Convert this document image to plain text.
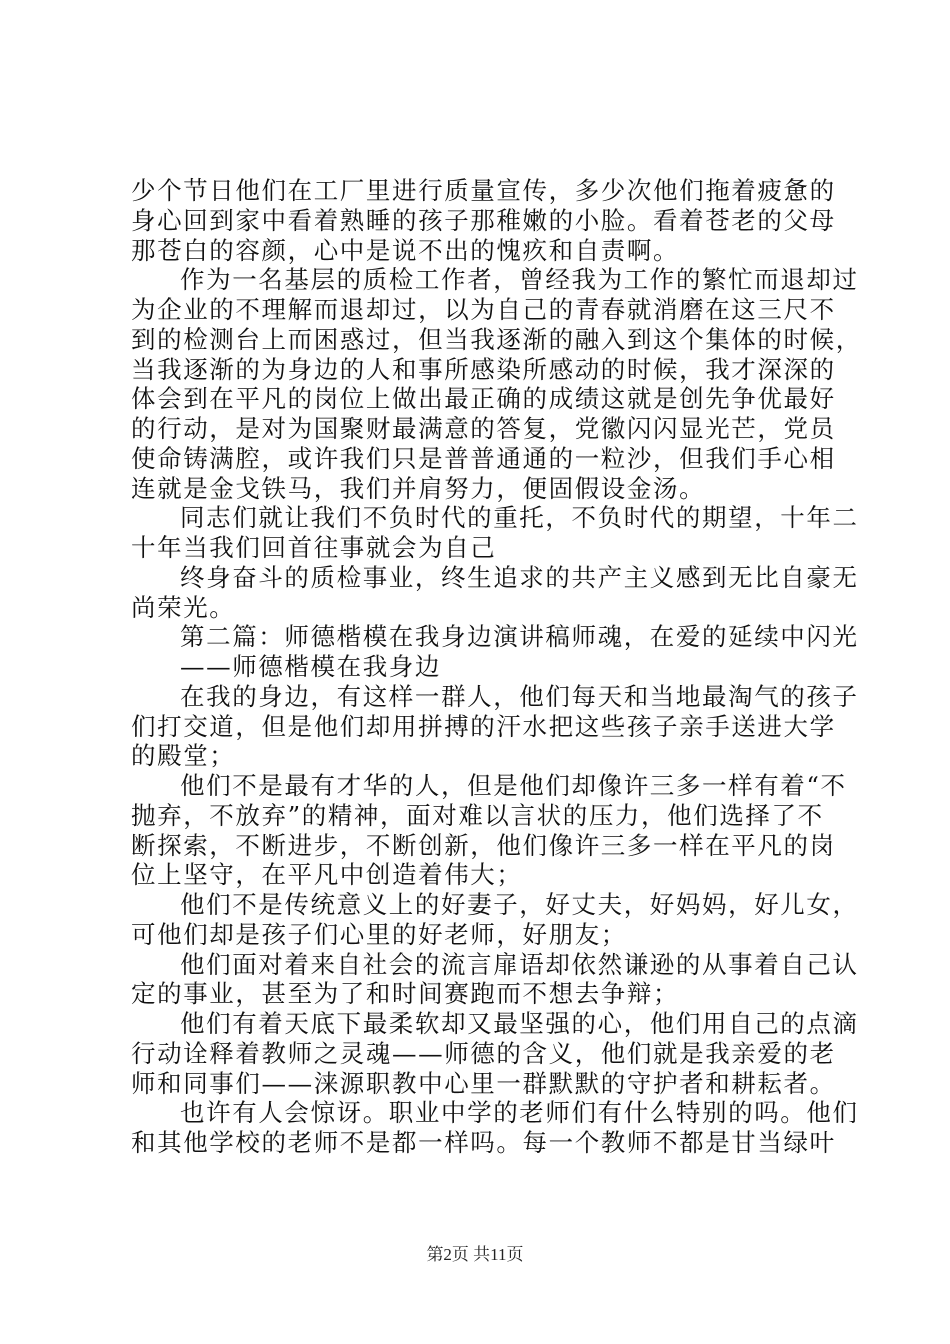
少个节日他们在工厂里进行质量宣传，多少次他们拖着疲惫的
身心回到家中看着熟睡的孩子那稚嫩的小脸。看着苍老的父母
那苍白的容颜，心中是说不出的愧疚和自责啊。
作为一名基层的质检工作者，曾经我为工作的繁忙而退却过
为企业的不理解而退却过，以为自己的青春就消磨在这三尺不
到的检测台上而困惑过，但当我逐渐的融入到这个集体的时候，
当我逐渐的为身边的人和事所感染所感动的时候，我才深深的
体会到在平凡的岗位上做出最正确的成绩这就是创先争优最好
的行动，是对为国聚财最满意的答复，党徽闪闪显光芒，党员
使命铸满腔，或许我们只是普普通通的一粒沙，但我们手心相
连就是金戈铁马，我们并肩努力，便固假设金汤。
同志们就让我们不负时代的重托，不负时代的期望，十年二
十年当我们回首往事就会为自己
终身奋斗的质检事业，终生追求的共产主义感到无比自豪无
尚荣光。
第二篇：师德楷模在我身边演讲稿师魂，在爱的延续中闪光
——师德楷模在我身边
在我的身边，有这样一群人，他们每天和当地最淘气的孩子
们打交道，但是他们却用拼搏的汗水把这些孩子亲手送进大学
的殿堂；
他们不是最有才华的人，但是他们却像许三多一样有着“不
抛弃，不放弃”的精神，面对难以言状的压力，他们选择了不
断探索，不断进步，不断创新，他们像许三多一样在平凡的岗
位上坚守，在平凡中创造着伟大；
他们不是传统意义上的好妻子，好丈夫，好妈妈，好儿女，
可他们却是孩子们心里的好老师，好朋友；
他们面对着来自社会的流言扉语却依然谦逊的从事着自己认
定的事业，甚至为了和时间赛跑而不想去争辩；
他们有着天底下最柔软却又最坚强的心，他们用自己的点滴
行动诠释着教师之灵魂——师德的含义，他们就是我亲爱的老
师和同事们——涞源职教中心里一群默默的守护者和耕耘者。
也许有人会惊讶。职业中学的老师们有什么特别的吗。他们
和其他学校的老师不是都一样吗。每一个教师不都是甘当绿叶
第2页 共11页
